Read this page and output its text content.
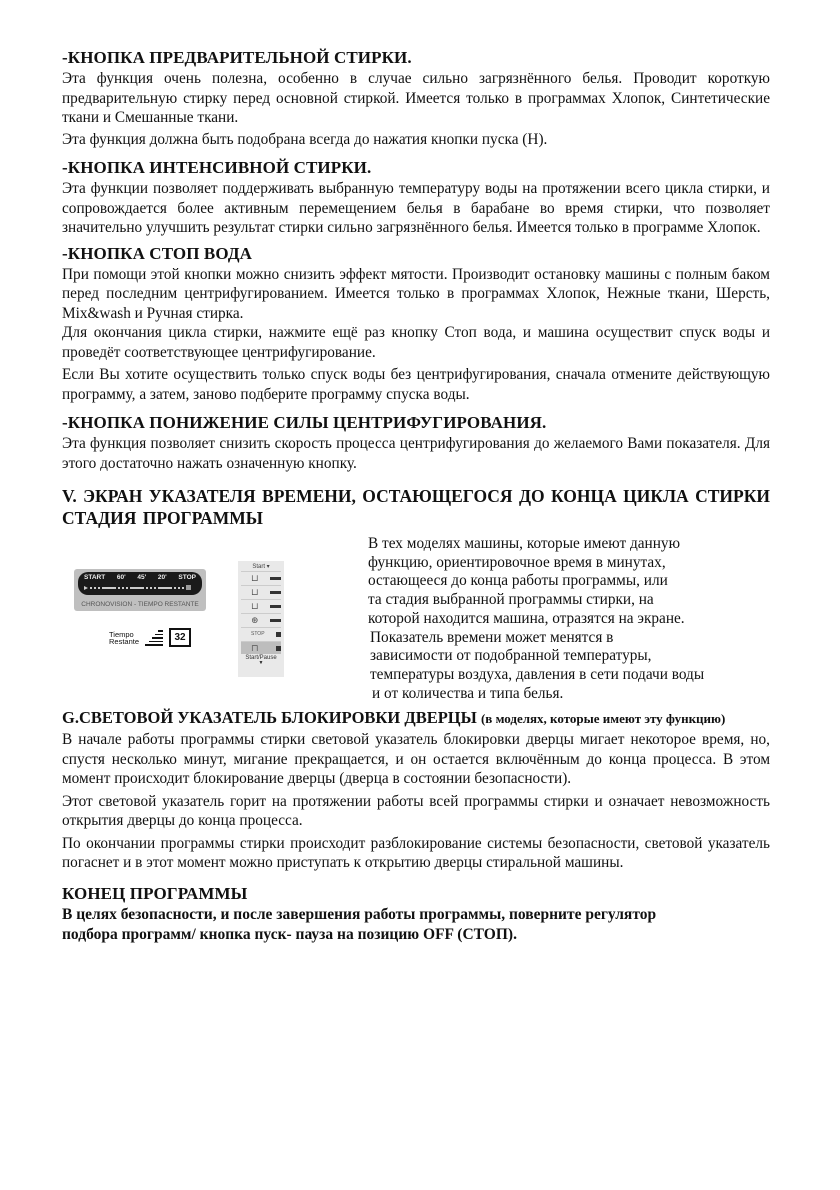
-КНОПКА ПРЕДВАРИТЕЛЬНОЙ СТИРКИ.

Эта функция очень полезна, особенно в случае сильно загрязнённого белья. Проводит короткую предварительную стирку перед основной стиркой. Имеется только в программах Хлопок, Синтетические ткани и Смешанные ткани.

Эта функция должна быть подобрана всегда до нажатия кнопки пуска (Н).

-КНОПКА ИНТЕНСИВНОЙ СТИРКИ.

Эта функции позволяет поддерживать выбранную температуру воды на протяжении всего цикла стирки, и сопровождается более активным перемещением белья в барабане во время стирки, что позволяет значительно улучшить результат стирки сильно загрязнённого белья. Имеется только в программе Хлопок.

-КНОПКА СТОП ВОДА

При помощи этой кнопки можно снизить эффект мятости. Производит остановку машины с полным баком перед последним центрифугированием. Имеется только в программах Хлопок, Нежные ткани, Шерсть, Mix&wash и Ручная стирка.

Для окончания цикла стирки, нажмите ещё раз кнопку Стоп вода, и машина осуществит спуск воды и проведёт соответствующее центрифугирование.

Если Вы хотите осуществить только спуск воды без центрифугирования, сначала отмените действующую программу, а затем, заново подберите программу спуска воды.

-КНОПКА ПОНИЖЕНИЕ СИЛЫ ЦЕНТРИФУГИРОВАНИЯ.

Эта функция позволяет снизить скорость процесса центрифугирования до желаемого Вами показателя. Для этого достаточно нажать означенную кнопку.

V. ЭКРАН УКАЗАТЕЛЯ ВРЕМЕНИ, ОСТАЮЩЕГОСЯ ДО КОНЦА ЦИКЛА СТИРКИ СТАДИЯ ПРОГРАММЫ

START 60' 45' 20' STOP
CHRONOVISION - TIEMPO RESTANTE
Tiempo
Restante	32
Start ▾
⊔
⊔
⊔
⊛
STOP
⊓
Start/Pause
▼
В тех моделях машины, которые имеют данную
функцию, ориентировочное время в минутах,
остающееся до конца работы программы, или
та стадия выбранной программы стирки, на
которой находится машина, отразятся на экране.
Показатель времени может менятся в
зависимости от подобранной температуры,
температуры воздуха, давления в сети подачи воды
и от количества и типа белья.

G.СВЕТОВОЙ УКАЗАТЕЛЬ БЛОКИРОВКИ ДВЕРЦЫ (в моделях, которые имеют эту функцию)

В начале работы программы стирки световой указатель блокировки дверцы мигает некоторое время, но, спустя несколько минут, мигание прекращается, и он остается включённым до конца процесса. В этом момент происходит блокирование дверцы (дверца в состоянии безопасности).

Этот световой указатель горит на протяжении работы всей программы стирки и означает невозможность открытия дверцы до конца процесса.

По окончании программы стирки происходит разблокирование системы безопасности, световой указатель погаснет и в этот момент можно приступать к открытию дверцы стиральной машины.

КОНЕЦ ПРОГРАММЫ

В целях безопасности, и после завершения работы программы, поверните регулятор

подбора программ/ кнопка пуск- пауза на позицию OFF (СТОП).
